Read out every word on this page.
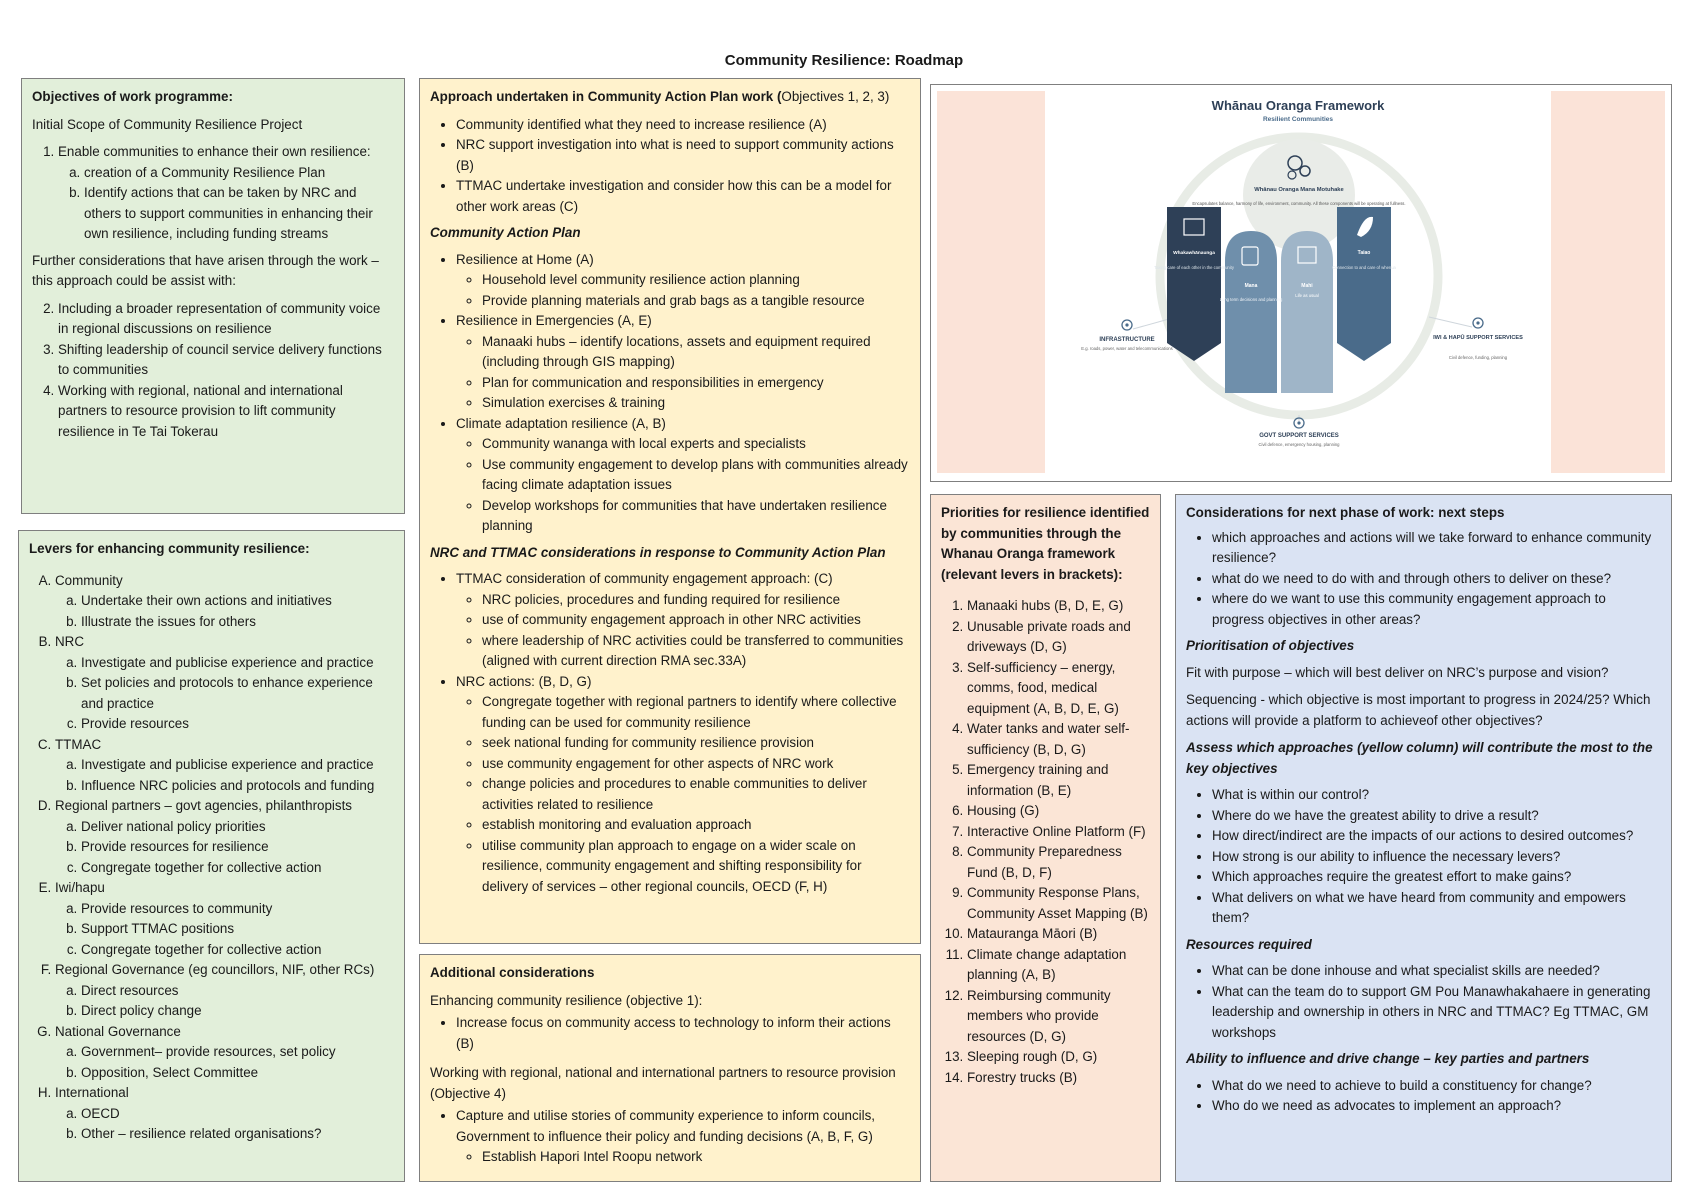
Community Resilience: Roadmap
Objectives of work programme:

Initial Scope of Community Resilience Project

1. Enable communities to enhance their own resilience:
a. creation of a Community Resilience Plan
b. Identify actions that can be taken by NRC and others to support communities in enhancing their own resilience, including funding streams

Further considerations that have arisen through the work – this approach could be assist with:

2. Including a broader representation of community voice in regional discussions on resilience
3. Shifting leadership of council service delivery functions to communities
4. Working with regional, national and international partners to resource provision to lift community resilience in Te Tai Tokerau
Levers for enhancing community resilience:
A. Community
a. Undertake their own actions and initiatives
b. Illustrate the issues for others
B. NRC
a. Investigate and publicise experience and practice
b. Set policies and protocols to enhance experience and practice
c. Provide resources
C. TTMAC
a. Investigate and publicise experience and practice
b. Influence NRC policies and protocols and funding
D. Regional partners – govt agencies, philanthropists
a. Deliver national policy priorities
b. Provide resources for resilience
c. Congregate together for collective action
E. Iwi/hapu
a. Provide resources to community
b. Support TTMAC positions
c. Congregate together for collective action
F. Regional Governance (eg councillors, NIF, other RCs)
a. Direct resources
b. Direct policy change
G. National Governance
a. Government– provide resources, set policy
b. Opposition, Select Committee
H. International
a. OECD
b. Other – resilience related organisations?
Approach undertaken in Community Action Plan work (Objectives 1, 2, 3)
• Community identified what they need to increase resilience (A)
• NRC support investigation into what is need to support community actions (B)
• TTMAC undertake investigation and consider how this can be a model for other work areas (C)
Community Action Plan
• Resilience at Home (A)
◦ Household level community resilience action planning
◦ Provide planning materials and grab bags as a tangible resource
• Resilience in Emergencies (A, E)
◦ Manaaki hubs – identify locations, assets and equipment required (including through GIS mapping)
◦ Plan for communication and responsibilities in emergency
◦ Simulation exercises & training
• Climate adaptation resilience (A, B)
◦ Community wananga with local experts and specialists
◦ Use community engagement to develop plans with communities already facing climate adaptation issues
◦ Develop workshops for communities that have undertaken resilience planning
NRC and TTMAC considerations in response to Community Action Plan
• TTMAC consideration of community engagement approach: (C)
◦ NRC policies, procedures and funding required for resilience
◦ use of community engagement approach in other NRC activities
◦ where leadership of NRC activities could be transferred to communities (aligned with current direction RMA sec.33A)
• NRC actions: (B, D, G)
◦ Congregate together with regional partners to identify where collective funding can be used for community resilience
◦ seek national funding for community resilience provision
◦ use community engagement for other aspects of NRC work
◦ change policies and procedures to enable communities to deliver activities related to resilience
◦ establish monitoring and evaluation approach
◦ utilise community plan approach to engage on a wider scale on resilience, community engagement and shifting responsibility for delivery of services – other regional councils, OECD (F, H)
Additional considerations

Enhancing community resilience (objective 1):

• Increase focus on community access to technology to inform their actions (B)

Working with regional, national and international partners to resource provision (Objective 4)

• Capture and utilise stories of community experience to inform councils, Government to influence their policy and funding decisions (A, B, F, G)
◦ Establish Hapori Intel Roopu network
Whānau Oranga Framework
Resilient Communities
Whānau Oranga Mana Motuhake
Encapsulates balance, harmony of life, environment, community. All these components will be operating at fullness.
Whakawhānaunga
Taking care of each other in the community
Mana
Long term decisions and planning
Mahi
Life as usual
Taiao
Connection to and care of whenua
INFRASTRUCTURE
E.g. roads, power, water and telecommunications
IWI & HAPŪ SUPPORT SERVICES
Civil defence, funding, planning
GOVT SUPPORT SERVICES
Civil defence, emergency housing, planning
Priorities for resilience identified by communities through the Whanau Oranga framework (relevant levers in brackets):
1. Manaaki hubs (B, D, E, G)
2. Unusable private roads and driveways (D, G)
3. Self-sufficiency – energy, comms, food, medical equipment (A, B, D, E, G)
4. Water tanks and water self-sufficiency (B, D, G)
5. Emergency training and information (B, E)
6. Housing (G)
7. Interactive Online Platform (F)
8. Community Preparedness Fund (B, D, F)
9. Community Response Plans, Community Asset Mapping (B)
10. Matauranga Māori (B)
11. Climate change adaptation planning (A, B)
12. Reimbursing community members who provide resources (D, G)
13. Sleeping rough (D, G)
14. Forestry trucks (B)
Considerations for next phase of work: next steps
• which approaches and actions will we take forward to enhance community resilience?
• what do we need to do with and through others to deliver on these?
• where do we want to use this community engagement approach to progress objectives in other areas?
Prioritisation of objectives

Fit with purpose – which will best deliver on NRC’s purpose and vision?

Sequencing - which objective is most important to progress in 2024/25? Which actions will provide a platform to achieveof other objectives?

Assess which approaches (yellow column) will contribute the most to the key objectives
• What is within our control?
• Where do we have the greatest ability to drive a result?
• How direct/indirect are the impacts of our actions to desired outcomes?
• How strong is our ability to influence the necessary levers?
• Which approaches require the greatest effort to make gains?
• What delivers on what we have heard from community and empowers them?
Resources required
• What can be done inhouse and what specialist skills are needed?
• What can the team do to support GM Pou Manawhakahaere in generating leadership and ownership in others in NRC and TTMAC? Eg TTMAC, GM workshops
Ability to influence and drive change – key parties and partners
• What do we need to achieve to build a constituency for change?
• Who do we need as advocates to implement an approach?
